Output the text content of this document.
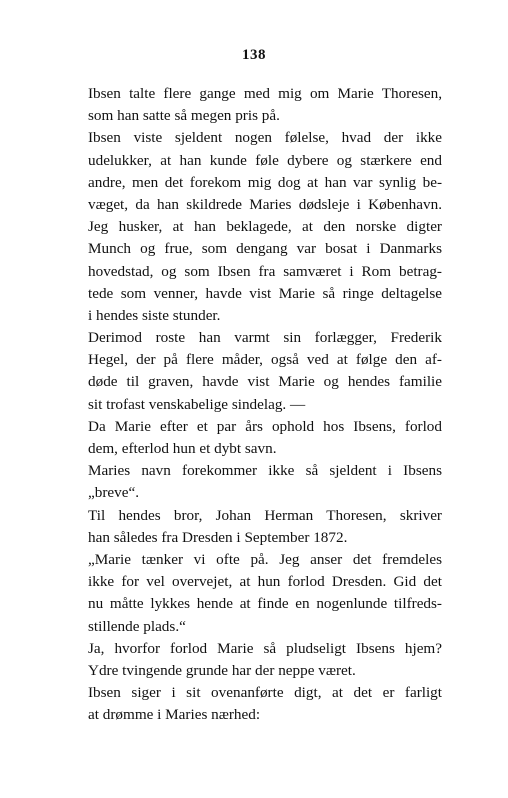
138
Ibsen talte flere gange med mig om Marie Thoresen,
som han satte så megen pris på.
Ibsen viste sjeldent nogen følelse, hvad der ikke
udelukker, at han kunde føle dybere og stærkere end
andre, men det forekom mig dog at han var synlig be-
væget, da han skildrede Maries dødsleje i København.
Jeg husker, at han beklagede, at den norske digter
Munch og frue, som dengang var bosat i Danmarks
hovedstad, og som Ibsen fra samværet i Rom betrag-
tede som venner, havde vist Marie så ringe deltagelse
i hendes siste stunder.
Derimod roste han varmt sin forlægger, Frederik
Hegel, der på flere måder, også ved at følge den af-
døde til graven, havde vist Marie og hendes familie
sit trofast venskabelige sindelag. —
Da Marie efter et par års ophold hos Ibsens, forlod
dem, efterlod hun et dybt savn.
Maries navn forekommer ikke så sjeldent i Ibsens
„breve“.
Til hendes bror, Johan Herman Thoresen, skriver
han således fra Dresden i September 1872.
„Marie tænker vi ofte på. Jeg anser det fremdeles
ikke for vel overvejet, at hun forlod Dresden. Gid det
nu måtte lykkes hende at finde en nogenlunde tilfreds-
stillende plads.“
Ja, hvorfor forlod Marie så pludseligt Ibsens hjem?
Ydre tvingende grunde har der neppe været.
Ibsen siger i sit ovenanførte digt, at det er farligt
at drømme i Maries nærhed:
